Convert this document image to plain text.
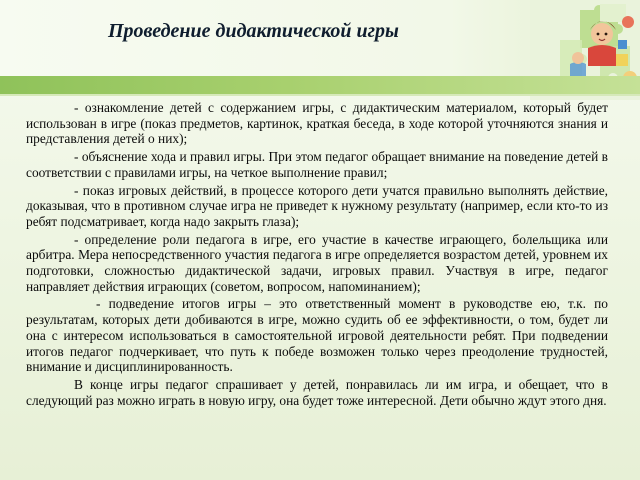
Проведение дидактической игры

- ознакомление детей с содержанием игры, с дидактическим материалом, который будет использован в игре (показ предметов, картинок, краткая беседа, в ходе которой уточняются знания и представления детей о них);

- объяснение хода и правил игры. При этом педагог обращает внимание на поведение детей в соответствии с правилами игры, на четкое выполнение правил;

- показ игровых действий, в процессе которого дети учатся правильно выполнять действие, доказывая, что в противном случае игра не приведет к нужному результату (например, если кто-то из ребят подсматривает, когда надо закрыть глаза);

- определение роли педагога в игре, его участие в качестве играющего, болельщика или арбитра. Мера непосредственного участия педагога в игре определяется возрастом детей, уровнем их подготовки, сложностью дидактической задачи, игровых правил. Участвуя в игре, педагог направляет действия играющих (советом, вопросом, напоминанием);

- подведение итогов игры – это ответственный момент в руководстве ею, т.к. по результатам, которых дети добиваются в игре, можно судить об ее эффективности, о том, будет ли она с интересом использоваться в самостоятельной игровой деятельности ребят. При подведении итогов педагог подчеркивает, что путь к победе возможен только через преодоление трудностей, внимание и дисциплинированность.

В конце игры педагог спрашивает у детей, понравилась ли им игра, и обещает, что в следующий раз можно играть в новую игру, она будет тоже интересной. Дети обычно ждут этого дня.
